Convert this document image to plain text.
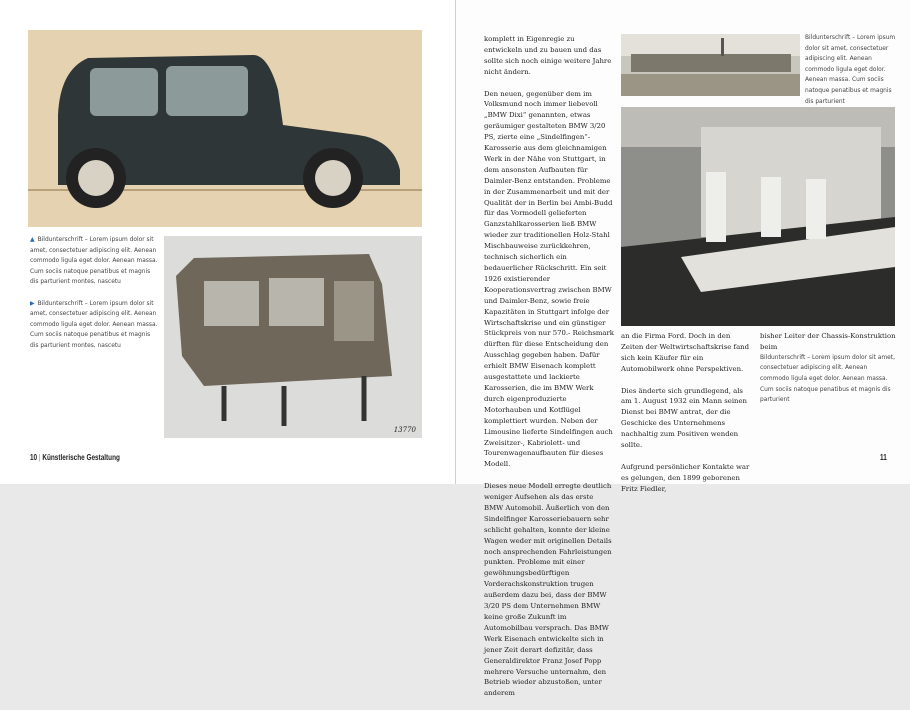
▲ Bildunterschrift – Lorem ipsum dolor sit amet, consectetuer adipiscing elit. Aenean commodo ligula eget dolor. Aenean massa. Cum sociis natoque penatibus et magnis dis parturient montes, nascetu

▶ Bildunterschrift – Lorem ipsum dolor sit amet, consectetuer adipiscing elit. Aenean commodo ligula eget dolor. Aenean massa. Cum sociis natoque penatibus et magnis dis parturient montes, nascetu

13770
10 | Künstlerische Gestaltung

komplett in Eigenregie zu entwickeln und zu bauen und das sollte sich noch einige weitere Jahre nicht ändern.

Den neuen, gegenüber dem im Volksmund noch immer liebevoll „BMW Dixi“ genannten, etwas geräumiger gestalteten BMW 3/20 PS, zierte eine „Sindelfingen“-Karosserie aus dem gleichnamigen Werk in der Nähe von Stuttgart, in dem ansonsten Aufbauten für Daimler-Benz entstanden. Probleme in der Zusammenarbeit und mit der Qualität der in Berlin bei Ambi-Budd für das Vormodell gelieferten Ganzstahlkarosserien ließ BMW wieder zur traditionellen Holz-Stahl Mischbauweise zurückkehren, technisch sicherlich ein bedauerlicher Rückschritt. Ein seit 1926 existierender Kooperationsvertrag zwischen BMW und Daimler-Benz, sowie freie Kapazitäten in Stuttgart infolge der Wirtschaftskrise und ein günstiger Stückpreis von nur 570.- Reichsmark dürften für diese Entscheidung den Ausschlag gegeben haben. Dafür erhielt BMW Eisenach komplett ausgestattete und lackierte Karosserien, die im BMW Werk durch eigenproduzierte Motorhauben und Kotflügel komplettiert wurden. Neben der Limousine lieferte Sindelfingen auch Zweisitzer-, Kabriolett- und Tourenwagenaufbauten für dieses Modell.

Dieses neue Modell erregte deutlich weniger Aufsehen als das erste BMW Automobil. Äußerlich von den Sindelfinger Karosseriebauern sehr schlicht gehalten, konnte der kleine Wagen weder mit originellen Details noch ansprechenden Fahrleistungen punkten. Probleme mit einer gewöhnungsbedürftigen Vorderachskonstruktion trugen außerdem dazu bei, dass der BMW 3/20 PS dem Unternehmen BMW keine große Zukunft im Automobilbau versprach. Das BMW Werk Eisenach entwickelte sich in jener Zeit derart defizitär, dass Generaldirektor Franz Josef Popp mehrere Versuche unternahm, den Betrieb wieder abzustoßen, unter anderem

Bildunterschrift – Lorem ipsum dolor sit amet, consectetuer adipiscing elit. Aenean commodo ligula eget dolor. Aenean massa. Cum sociis natoque penatibus et magnis dis parturient

an die Firma Ford. Doch in den Zeiten der Weltwirtschaftskrise fand sich kein Käufer für ein Automobilwerk ohne Perspektiven.

Dies änderte sich grundlegend, als am 1. August 1932 ein Mann seinen Dienst bei BMW antrat, der die Geschicke des Unternehmens nachhaltig zum Positiven wenden sollte.

Aufgrund persönlicher Kontakte war es gelungen, den 1899 geborenen Fritz Fiedler,

bisher Leiter der Chassis-Konstruktion beim
Bildunterschrift – Lorem ipsum dolor sit amet, consectetuer adipiscing elit. Aenean commodo ligula eget dolor. Aenean massa. Cum sociis natoque penatibus et magnis dis parturient
11
